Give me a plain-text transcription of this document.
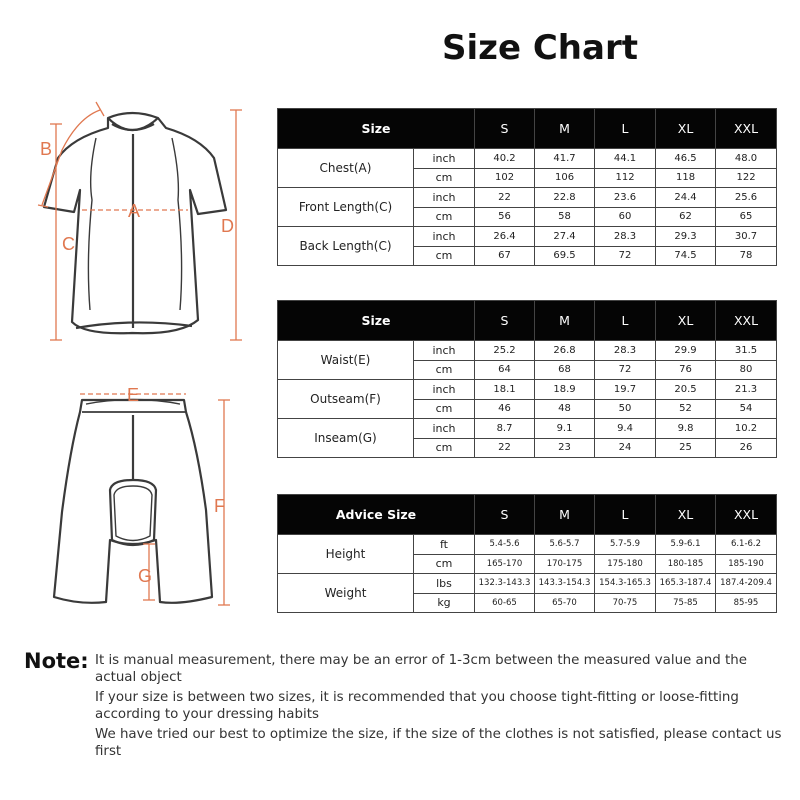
Size Chart
A
B
C
D
E
F
G
Size		S	M	L	XL	XXL
Chest(A)	inch	40.2	41.7	44.1	46.5	48.0
	cm	102	106	112	118	122
Front Length(C)	inch	22	22.8	23.6	24.4	25.6
	cm	56	58	60	62	65
Back Length(C)	inch	26.4	27.4	28.3	29.3	30.7
	cm	67	69.5	72	74.5	78
Size		S	M	L	XL	XXL
Waist(E)	inch	25.2	26.8	28.3	29.9	31.5
	cm	64	68	72	76	80
Outseam(F)	inch	18.1	18.9	19.7	20.5	21.3
	cm	46	48	50	52	54
Inseam(G)	inch	8.7	9.1	9.4	9.8	10.2
	cm	22	23	24	25	26
Advice Size		S	M	L	XL	XXL
Height	ft	5.4-5.6	5.6-5.7	5.7-5.9	5.9-6.1	6.1-6.2
	cm	165-170	170-175	175-180	180-185	185-190
Weight	lbs	132.3-143.3	143.3-154.3	154.3-165.3	165.3-187.4	187.4-209.4
	kg	60-65	65-70	70-75	75-85	85-95
Note: It is manual measurement, there may be an error of 1-3cm between the measured value and the actual object

If your size is between two sizes, it is recommended that you choose tight-fitting or loose-fitting according to your dressing habits

We have tried our best to optimize the size, if the size of the clothes is not satisfied, please contact us first
